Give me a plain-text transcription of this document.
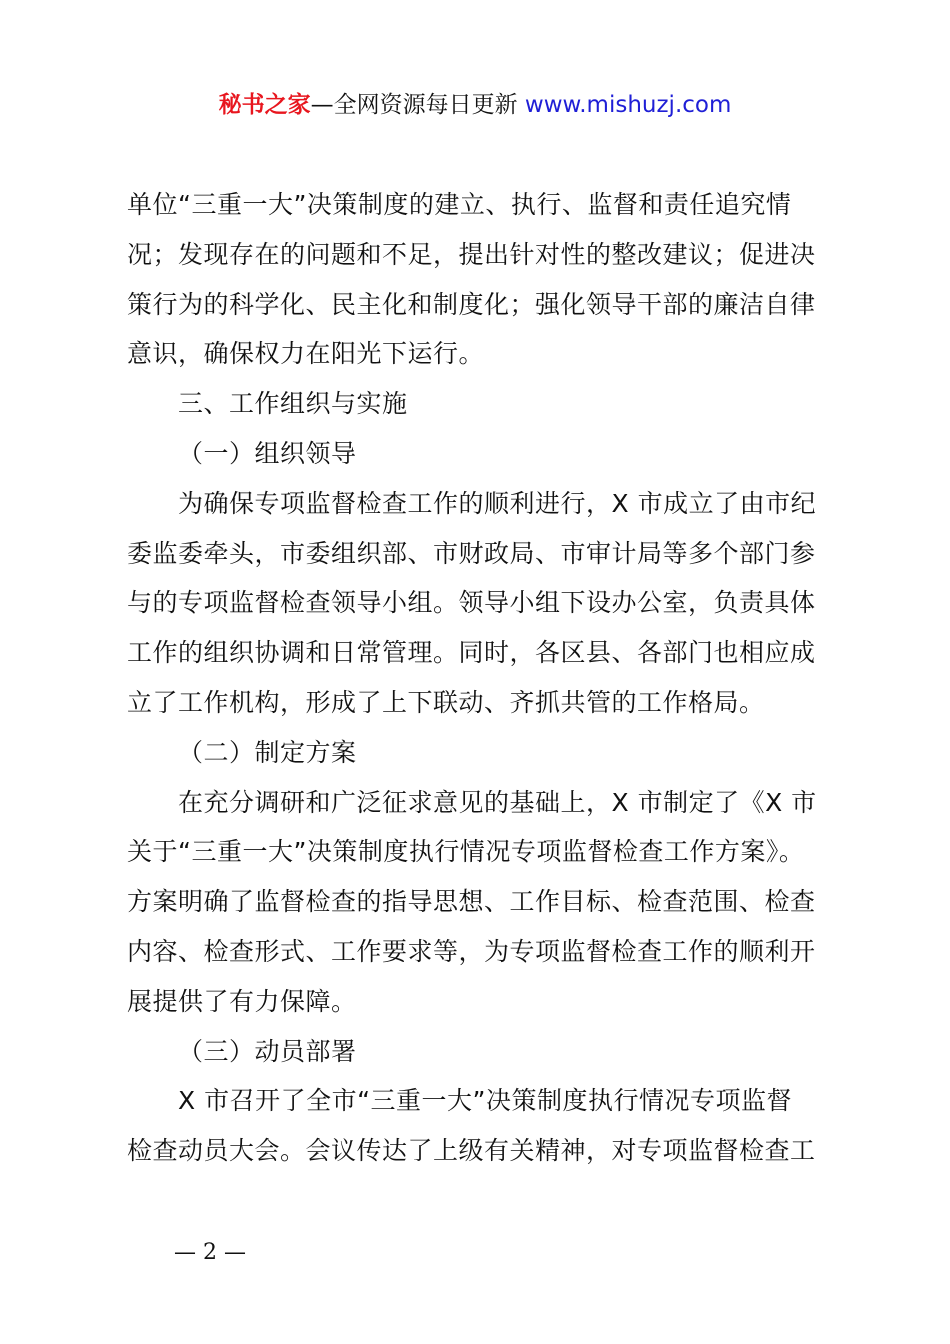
秘书之家—全网资源每日更新 www.mishuzj.com
单位“三重一大”决策制度的建立、执行、监督和责任追究情
况；发现存在的问题和不足，提出针对性的整改建议；促进决
策行为的科学化、民主化和制度化；强化领导干部的廉洁自律
意识，确保权力在阳光下运行。
三、工作组织与实施
（一）组织领导
为确保专项监督检查工作的顺利进行，X 市成立了由市纪
委监委牵头，市委组织部、市财政局、市审计局等多个部门参
与的专项监督检查领导小组。领导小组下设办公室，负责具体
工作的组织协调和日常管理。同时，各区县、各部门也相应成
立了工作机构，形成了上下联动、齐抓共管的工作格局。
（二）制定方案
在充分调研和广泛征求意见的基础上，X 市制定了《X 市
关于“三重一大”决策制度执行情况专项监督检查工作方案》。
方案明确了监督检查的指导思想、工作目标、检查范围、检查
内容、检查形式、工作要求等，为专项监督检查工作的顺利开
展提供了有力保障。
（三）动员部署
X 市召开了全市“三重一大”决策制度执行情况专项监督
检查动员大会。会议传达了上级有关精神，对专项监督检查工
— 2 —
